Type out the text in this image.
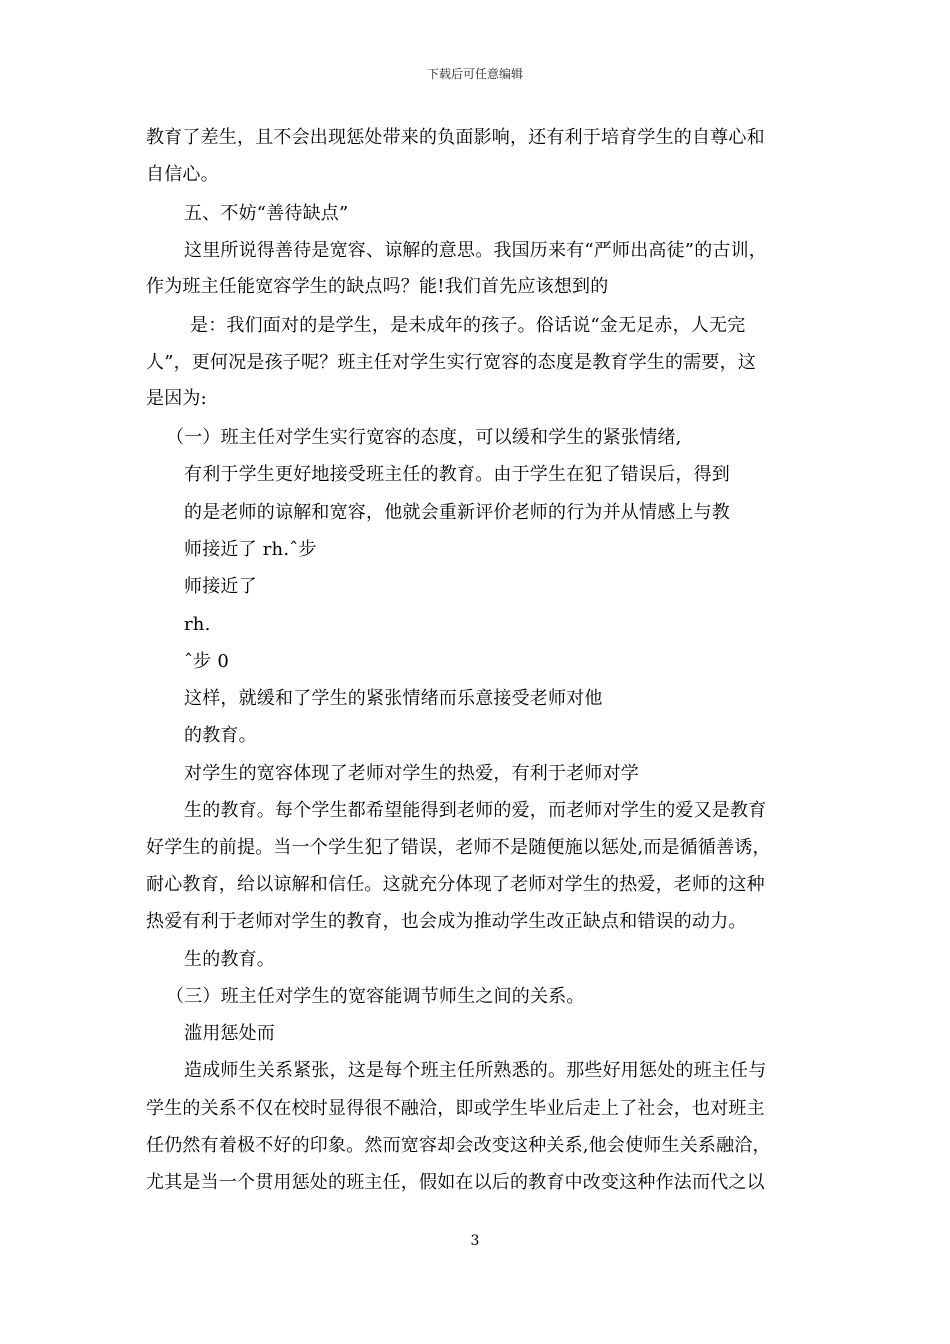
下载后可任意编辑
教育了差生，且不会出现惩处带来的负面影响，还有利于培育学生的自尊心和
自信心。
五、不妨“善待缺点”
这里所说得善待是宽容、谅解的意思。我国历来有“严师出高徒”的古训，
作为班主任能宽容学生的缺点吗？能!我们首先应该想到的
是：我们面对的是学生，是未成年的孩子。俗话说“金无足赤，人无完
人”，更何况是孩子呢？班主任对学生实行宽容的态度是教育学生的需要，这
是因为:
（一）班主任对学生实行宽容的态度，可以缓和学生的紧张情绪,
有利于学生更好地接受班主任的教育。由于学生在犯了错误后，得到
的是老师的谅解和宽容，他就会重新评价老师的行为并从情感上与教
师接近了 rh.ˆ步
师接近了
rh.
ˆ步 0
这样，就缓和了学生的紧张情绪而乐意接受老师对他
的教育。
对学生的宽容体现了老师对学生的热爱，有利于老师对学
生的教育。每个学生都希望能得到老师的爱，而老师对学生的爱又是教育
好学生的前提。当一个学生犯了错误，老师不是随便施以惩处,而是循循善诱，
耐心教育，给以谅解和信任。这就充分体现了老师对学生的热爱，老师的这种
热爱有利于老师对学生的教育，也会成为推动学生改正缺点和错误的动力。
生的教育。
（三）班主任对学生的宽容能调节师生之间的关系。
滥用惩处而
造成师生关系紧张，这是每个班主任所熟悉的。那些好用惩处的班主任与
学生的关系不仅在校时显得很不融洽，即或学生毕业后走上了社会，也对班主
任仍然有着极不好的印象。然而宽容却会改变这种关系,他会使师生关系融洽，
尤其是当一个贯用惩处的班主任，假如在以后的教育中改变这种作法而代之以
3
